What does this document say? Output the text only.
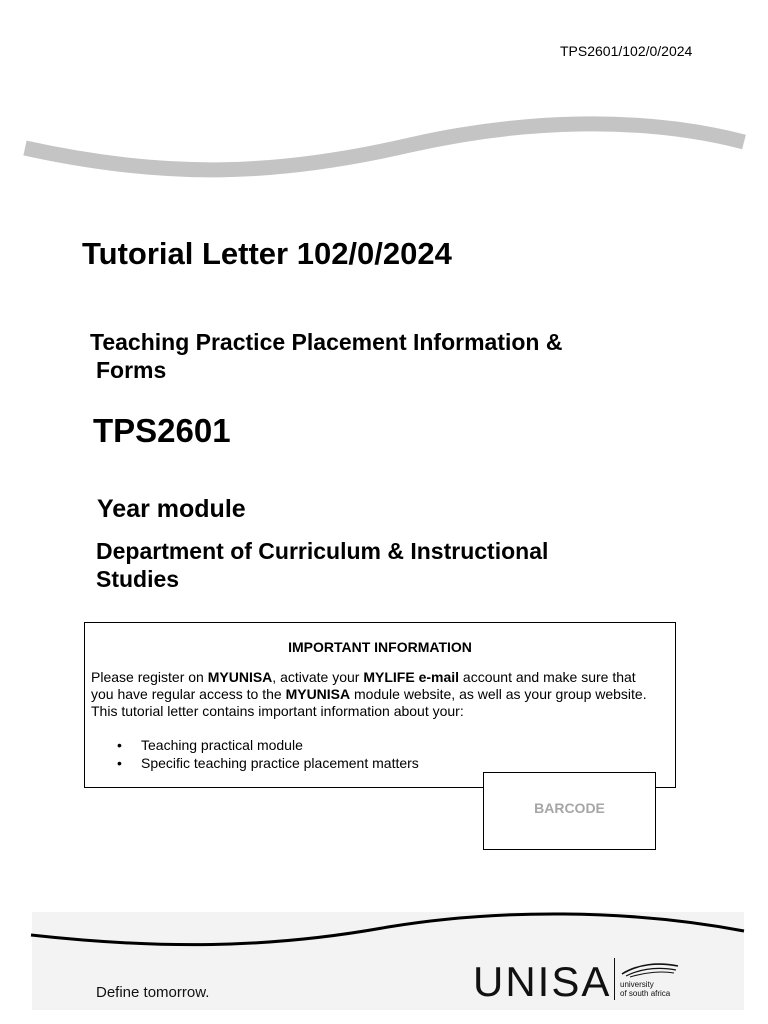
TPS2601/102/0/2024
Tutorial Letter 102/0/2024
Teaching Practice Placement Information &
Forms
TPS2601
Year module
Department of Curriculum & Instructional Studies
IMPORTANT INFORMATION

Please register on MYUNISA, activate your MYLIFE e-mail account and make sure that you have regular access to the MYUNISA module website, as well as your group website.

This tutorial letter contains important information about your:

• Teaching practical module
• Specific teaching practice placement matters
BARCODE
Define tomorrow.	UNISA university
of south africa
